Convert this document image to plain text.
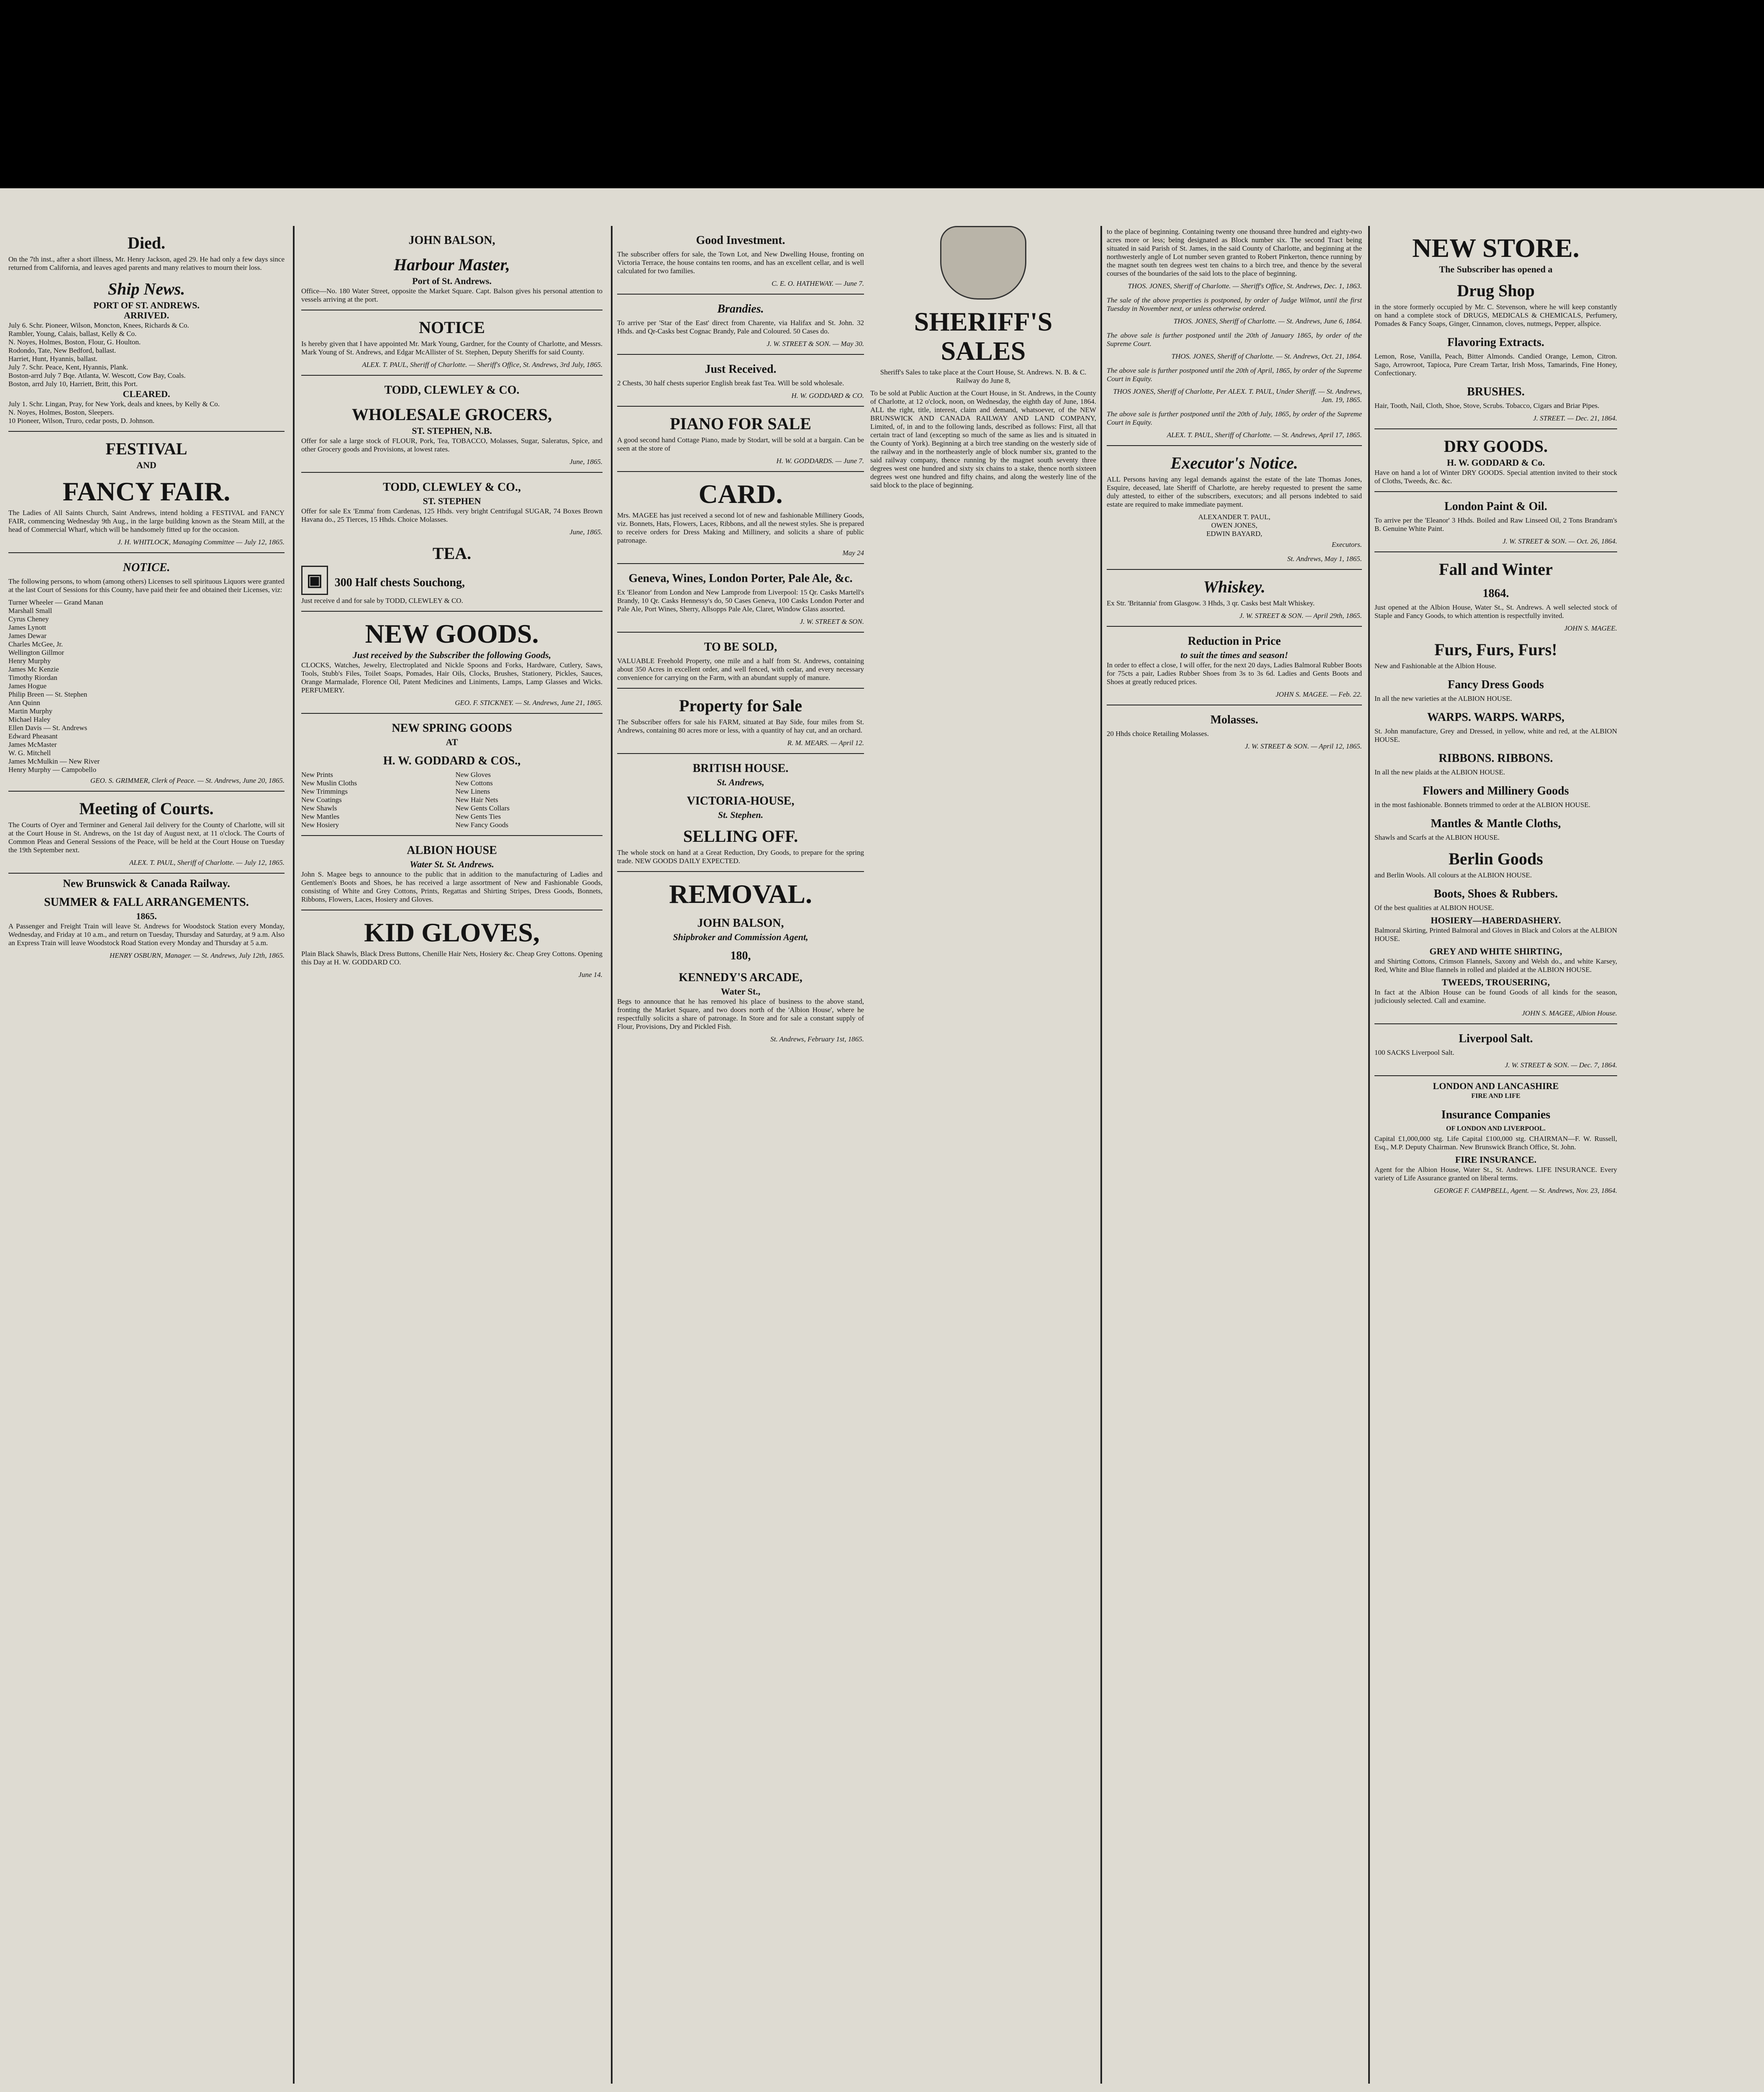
Died.
On the 7th inst., after a short illness, Mr. Henry Jackson, aged 29. He had only a few days since returned from California, and leaves aged parents and many relatives to mourn their loss.
Ship News.
PORT OF ST. ANDREWS.
ARRIVED.
July 6. Schr. Pioneer, Wilson, Moncton, Knees, Richards & Co.
Rambler, Young, Calais, ballast, Kelly & Co.
N. Noyes, Holmes, Boston, Flour, G. Houlton.
Rodondo, Tate, New Bedford, ballast.
Harriet, Hunt, Hyannis, ballast.
July 7. Schr. Peace, Kent, Hyannis, Plank.
Boston-arrd July 7 Bqe. Atlanta, W. Wescott, Cow Bay, Coals.
Boston, arrd July 10, Harriett, Britt, this Port.
CLEARED.
July 1. Schr. Lingan, Pray, for New York, deals and knees, by Kelly & Co.
N. Noyes, Holmes, Boston, Sleepers.
10 Pioneer, Wilson, Truro, cedar posts, D. Johnson.
FESTIVAL
AND
FANCY FAIR.
The Ladies of All Saints Church, Saint Andrews, intend holding a FESTIVAL and FANCY FAIR, commencing Wednesday 9th Aug., in the large building known as the Steam Mill, at the head of Commercial Wharf, which will be handsomely fitted up for the occasion.
J. H. WHITLOCK, Managing Committee — July 12, 1865.
NOTICE.
The following persons, to whom (among others) Licenses to sell spirituous Liquors were granted at the last Court of Sessions for this County, have paid their fee and obtained their Licenses, viz:
Turner Wheeler — Grand Manan
Marshall Small
Cyrus Cheney
James Lynott
James Dewar
Charles McGee, Jr.
Wellington Gillmor
Henry Murphy
James Mc Kenzie
Timothy Riordan
James Hogue
Philip Breen — St. Stephen
Ann Quinn
Martin Murphy
Michael Haley
Ellen Davis — St. Andrews
Edward Pheasant
James McMaster
W. G. Mitchell
James McMulkin — New River
Henry Murphy — Campobello
GEO. S. GRIMMER, Clerk of Peace. — St. Andrews, June 20, 1865.
Meeting of Courts.
The Courts of Oyer and Terminer and General Jail delivery for the County of Charlotte, will sit at the Court House in St. Andrews, on the 1st day of August next, at 11 o'clock. The Courts of Common Pleas and General Sessions of the Peace, will be held at the Court House on Tuesday the 19th September next.
ALEX. T. PAUL, Sheriff of Charlotte. — July 12, 1865.
New Brunswick & Canada Railway.
SUMMER & FALL ARRANGEMENTS.
1865.
A Passenger and Freight Train will leave St. Andrews for Woodstock Station every Monday, Wednesday, and Friday at 10 a.m., and return on Tuesday, Thursday and Saturday, at 9 a.m. Also an Express Train will leave Woodstock Road Station every Monday and Thursday at 5 a.m.
HENRY OSBURN, Manager. — St. Andrews, July 12th, 1865.
JOHN BALSON,
Harbour Master,
Port of St. Andrews.
Office—No. 180 Water Street, opposite the Market Square. Capt. Balson gives his personal attention to vessels arriving at the port.
NOTICE
Is hereby given that I have appointed Mr. Mark Young, Gardner, for the County of Charlotte, and Messrs. Mark Young of St. Andrews, and Edgar McAllister of St. Stephen, Deputy Sheriffs for said County.
ALEX. T. PAUL, Sheriff of Charlotte. — Sheriff's Office, St. Andrews, 3rd July, 1865.
TODD, CLEWLEY & CO.
WHOLESALE GROCERS,
ST. STEPHEN, N.B.
Offer for sale a large stock of FLOUR, Pork, Tea, TOBACCO, Molasses, Sugar, Saleratus, Spice, and other Grocery goods and Provisions, at lowest rates.
June, 1865.
TODD, CLEWLEY & CO.,
ST. STEPHEN
Offer for sale Ex 'Emma' from Cardenas, 125 Hhds. very bright Centrifugal SUGAR, 74 Boxes Brown Havana do., 25 Tierces, 15 Hhds. Choice Molasses.
June, 1865.
TEA.
▣	300 Half chests Souchong,
Just receive d and for sale by TODD, CLEWLEY & CO.
NEW GOODS.
Just received by the Subscriber the following Goods,
CLOCKS, Watches, Jewelry, Electroplated and Nickle Spoons and Forks, Hardware, Cutlery, Saws, Tools, Stubb's Files, Toilet Soaps, Pomades, Hair Oils, Clocks, Brushes, Stationery, Pickles, Sauces, Orange Marmalade, Florence Oil, Patent Medicines and Liniments, Lamps, Lamp Glasses and Wicks. PERFUMERY.
GEO. F. STICKNEY. — St. Andrews, June 21, 1865.
NEW SPRING GOODS
AT
H. W. GODDARD & COS.,
New Prints
New Muslin Cloths
New Trimmings
New Coatings
New Shawls
New Mantles
New Hosiery
New Gloves
New Cottons
New Linens
New Hair Nets
New Gents Collars
New Gents Ties
New Fancy Goods
ALBION HOUSE
Water St. St. Andrews.
John S. Magee begs to announce to the public that in addition to the manufacturing of Ladies and Gentlemen's Boots and Shoes, he has received a large assortment of New and Fashionable Goods, consisting of White and Grey Cottons, Prints, Regattas and Shirting Stripes, Dress Goods, Bonnets, Ribbons, Flowers, Laces, Hosiery and Gloves.
KID GLOVES,
Plain Black Shawls, Black Dress Buttons, Chenille Hair Nets, Hosiery &c. Cheap Grey Cottons. Opening this Day at H. W. GODDARD CO.
June 14.
Good Investment.
The subscriber offers for sale, the Town Lot, and New Dwelling House, fronting on Victoria Terrace, the house contains ten rooms, and has an excellent cellar, and is well calculated for two families.
C. E. O. HATHEWAY. — June 7.
Brandies.
To arrive per 'Star of the East' direct from Charente, via Halifax and St. John. 32 Hhds. and Qr-Casks best Cognac Brandy, Pale and Coloured. 50 Cases do.
J. W. STREET & SON. — May 30.
Just Received.
2 Chests, 30 half chests superior English break fast Tea. Will be sold wholesale.
H. W. GODDARD & CO.
PIANO FOR SALE
A good second hand Cottage Piano, made by Stodart, will be sold at a bargain. Can be seen at the store of
H. W. GODDARDS. — June 7.
CARD.
Mrs. MAGEE has just received a second lot of new and fashionable Millinery Goods, viz. Bonnets, Hats, Flowers, Laces, Ribbons, and all the newest styles. She is prepared to receive orders for Dress Making and Millinery, and solicits a share of public patronage.
May 24
Geneva, Wines, London Porter, Pale Ale, &c.
Ex 'Eleanor' from London and New Lamprode from Liverpool: 15 Qr. Casks Martell's Brandy, 10 Qr. Casks Hennessy's do, 50 Cases Geneva, 100 Casks London Porter and Pale Ale, Port Wines, Sherry, Allsopps Pale Ale, Claret, Window Glass assorted.
J. W. STREET & SON.
TO BE SOLD,
VALUABLE Freehold Property, one mile and a half from St. Andrews, containing about 350 Acres in excellent order, and well fenced, with cedar, and every necessary convenience for carrying on the Farm, with an abundant supply of manure.
Property for Sale
The Subscriber offers for sale his FARM, situated at Bay Side, four miles from St. Andrews, containing 80 acres more or less, with a quantity of hay cut, and an orchard.
R. M. MEARS. — April 12.
BRITISH HOUSE.
St. Andrews,
VICTORIA-HOUSE,
St. Stephen.
SELLING OFF.
The whole stock on hand at a Great Reduction, Dry Goods, to prepare for the spring trade. NEW GOODS DAILY EXPECTED.
REMOVAL.
JOHN BALSON,
Shipbroker and Commission Agent,
180,
KENNEDY'S ARCADE,
Water St.,
Begs to announce that he has removed his place of business to the above stand, fronting the Market Square, and two doors north of the 'Albion House', where he respectfully solicits a share of patronage. In Store and for sale a constant supply of Flour, Provisions, Dry and Pickled Fish.
St. Andrews, February 1st, 1865.
SHERIFF'S SALES
Sheriff's Sales to take place at the Court House, St. Andrews. N. B. & C. Railway do June 8,
To be sold at Public Auction at the Court House, in St. Andrews, in the County of Charlotte, at 12 o'clock, noon, on Wednesday, the eighth day of June, 1864. ALL the right, title, interest, claim and demand, whatsoever, of the NEW BRUNSWICK AND CANADA RAILWAY AND LAND COMPANY, Limited, of, in and to the following lands, described as follows: First, all that certain tract of land (excepting so much of the same as lies and is situated in the County of York). Beginning at a birch tree standing on the westerly side of the railway and in the northeasterly angle of block number six, granted to the said railway company, thence running by the magnet south seventy three degrees west one hundred and sixty six chains to a stake, thence north sixteen degrees west one hundred and fifty chains, and along the westerly line of the said block to the place of beginning.
to the place of beginning. Containing twenty one thousand three hundred and eighty-two acres more or less; being designated as Block number six. The second Tract being situated in said Parish of St. James, in the said County of Charlotte, and beginning at the northwesterly angle of Lot number seven granted to Robert Pinkerton, thence running by the magnet south ten degrees west ten chains to a birch tree, and thence by the several courses of the boundaries of the said lots to the place of beginning.
THOS. JONES, Sheriff of Charlotte. — Sheriff's Office, St. Andrews, Dec. 1, 1863.
The sale of the above properties is postponed, by order of Judge Wilmot, until the first Tuesday in November next, or unless otherwise ordered.
THOS. JONES, Sheriff of Charlotte. — St. Andrews, June 6, 1864.
The above sale is further postponed until the 20th of January 1865, by order of the Supreme Court.
THOS. JONES, Sheriff of Charlotte. — St. Andrews, Oct. 21, 1864.
The above sale is further postponed until the 20th of April, 1865, by order of the Supreme Court in Equity.
THOS JONES, Sheriff of Charlotte, Per ALEX. T. PAUL, Under Sheriff. — St. Andrews, Jan. 19, 1865.
The above sale is further postponed until the 20th of July, 1865, by order of the Supreme Court in Equity.
ALEX. T. PAUL, Sheriff of Charlotte. — St. Andrews, April 17, 1865.
Executor's Notice.
ALL Persons having any legal demands against the estate of the late Thomas Jones, Esquire, deceased, late Sheriff of Charlotte, are hereby requested to present the same duly attested, to either of the subscribers, executors; and all persons indebted to said estate are required to make immediate payment.
ALEXANDER T. PAUL,
OWEN JONES,
EDWIN BAYARD,
Executors.
St. Andrews, May 1, 1865.
Whiskey.
Ex Str. 'Britannia' from Glasgow. 3 Hhds, 3 qr. Casks best Malt Whiskey.
J. W. STREET & SON. — April 29th, 1865.
Reduction in Price
to suit the times and season!
In order to effect a close, I will offer, for the next 20 days, Ladies Balmoral Rubber Boots for 75cts a pair, Ladies Rubber Shoes from 3s to 3s 6d. Ladies and Gents Boots and Shoes at greatly reduced prices.
JOHN S. MAGEE. — Feb. 22.
Molasses.
20 Hhds choice Retailing Molasses.
J. W. STREET & SON. — April 12, 1865.
NEW STORE.
The Subscriber has opened a
Drug Shop
in the store formerly occupied by Mr. C. Stevenson, where he will keep constantly on hand a complete stock of DRUGS, MEDICALS & CHEMICALS, Perfumery, Pomades & Fancy Soaps, Ginger, Cinnamon, cloves, nutmegs, Pepper, allspice.
Flavoring Extracts.
Lemon, Rose, Vanilla, Peach, Bitter Almonds. Candied Orange, Lemon, Citron. Sago, Arrowroot, Tapioca, Pure Cream Tartar, Irish Moss, Tamarinds, Fine Honey, Confectionary.
BRUSHES.
Hair, Tooth, Nail, Cloth, Shoe, Stove, Scrubs. Tobacco, Cigars and Briar Pipes.
J. STREET. — Dec. 21, 1864.
DRY GOODS.
H. W. GODDARD & Co.
Have on hand a lot of Winter DRY GOODS. Special attention invited to their stock of Cloths, Tweeds, &c. &c.
London Paint & Oil.
To arrive per the 'Eleanor' 3 Hhds. Boiled and Raw Linseed Oil, 2 Tons Brandram's B. Genuine White Paint.
J. W. STREET & SON. — Oct. 26, 1864.
Fall and Winter
1864.
Just opened at the Albion House, Water St., St. Andrews. A well selected stock of Staple and Fancy Goods, to which attention is respectfully invited.
JOHN S. MAGEE.
Furs, Furs, Furs!
New and Fashionable at the Albion House.
Fancy Dress Goods
In all the new varieties at the ALBION HOUSE.
WARPS. WARPS. WARPS,
St. John manufacture, Grey and Dressed, in yellow, white and red, at the ALBION HOUSE.
RIBBONS. RIBBONS.
In all the new plaids at the ALBION HOUSE.
Flowers and Millinery Goods
in the most fashionable. Bonnets trimmed to order at the ALBION HOUSE.
Mantles & Mantle Cloths,
Shawls and Scarfs at the ALBION HOUSE.
Berlin Goods
and Berlin Wools. All colours at the ALBION HOUSE.
Boots, Shoes & Rubbers.
Of the best qualities at ALBION HOUSE.
HOSIERY—HABERDASHERY.
Balmoral Skirting, Printed Balmoral and Gloves in Black and Colors at the ALBION HOUSE.
GREY AND WHITE SHIRTING,
and Shirting Cottons, Crimson Flannels, Saxony and Welsh do., and white Karsey, Red, White and Blue flannels in rolled and plaided at the ALBION HOUSE.
TWEEDS, TROUSERING,
In fact at the Albion House can be found Goods of all kinds for the season, judiciously selected. Call and examine.
JOHN S. MAGEE, Albion House.
Liverpool Salt.
100 SACKS Liverpool Salt.
J. W. STREET & SON. — Dec. 7, 1864.
LONDON AND LANCASHIRE
FIRE AND LIFE
Insurance Companies
OF LONDON AND LIVERPOOL.
Capital £1,000,000 stg. Life Capital £100,000 stg. CHAIRMAN—F. W. Russell, Esq., M.P. Deputy Chairman. New Brunswick Branch Office, St. John.
FIRE INSURANCE.
Agent for the Albion House, Water St., St. Andrews. LIFE INSURANCE. Every variety of Life Assurance granted on liberal terms.
GEORGE F. CAMPBELL, Agent. — St. Andrews, Nov. 23, 1864.
